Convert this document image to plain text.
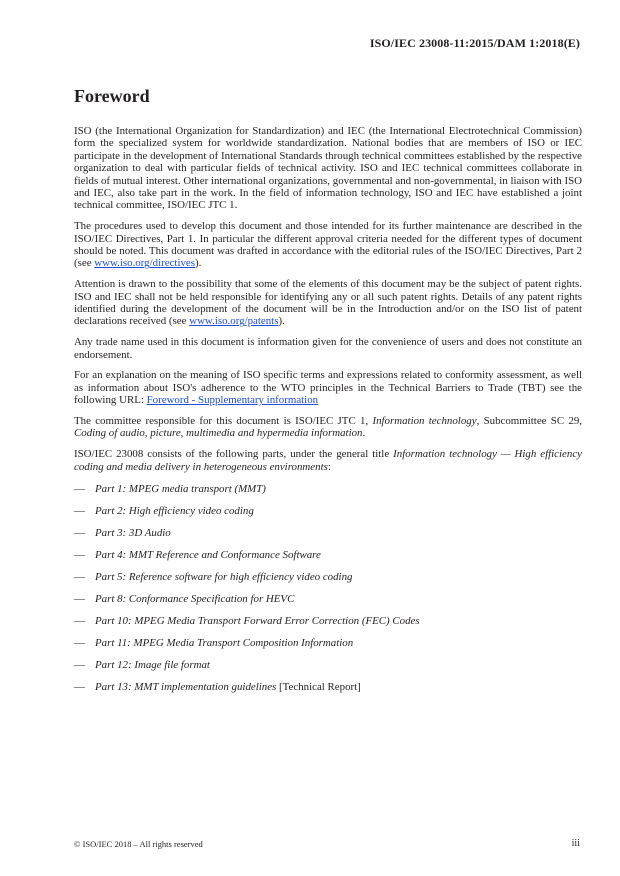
ISO/IEC 23008-11:2015/DAM 1:2018(E)
Foreword

ISO (the International Organization for Standardization) and IEC (the International Electrotechnical Commission) form the specialized system for worldwide standardization. National bodies that are members of ISO or IEC participate in the development of International Standards through technical committees established by the respective organization to deal with particular fields of technical activity. ISO and IEC technical committees collaborate in fields of mutual interest. Other international organizations, governmental and non-governmental, in liaison with ISO and IEC, also take part in the work. In the field of information technology, ISO and IEC have established a joint technical committee, ISO/IEC JTC 1.

The procedures used to develop this document and those intended for its further maintenance are described in the ISO/IEC Directives, Part 1. In particular the different approval criteria needed for the different types of document should be noted. This document was drafted in accordance with the editorial rules of the ISO/IEC Directives, Part 2 (see www.iso.org/directives).

Attention is drawn to the possibility that some of the elements of this document may be the subject of patent rights. ISO and IEC shall not be held responsible for identifying any or all such patent rights. Details of any patent rights identified during the development of the document will be in the Introduction and/or on the ISO list of patent declarations received (see www.iso.org/patents).

Any trade name used in this document is information given for the convenience of users and does not constitute an endorsement.

For an explanation on the meaning of ISO specific terms and expressions related to conformity assessment, as well as information about ISO's adherence to the WTO principles in the Technical Barriers to Trade (TBT) see the following URL: Foreword - Supplementary information

The committee responsible for this document is ISO/IEC JTC 1, Information technology, Subcommittee SC 29, Coding of audio, picture, multimedia and hypermedia information.

ISO/IEC 23008 consists of the following parts, under the general title Information technology — High efficiency coding and media delivery in heterogeneous environments:

— Part 1: MPEG media transport (MMT)
— Part 2: High efficiency video coding
— Part 3: 3D Audio
— Part 4: MMT Reference and Conformance Software
— Part 5: Reference software for high efficiency video coding
— Part 8: Conformance Specification for HEVC
— Part 10: MPEG Media Transport Forward Error Correction (FEC) Codes
— Part 11: MPEG Media Transport Composition Information
— Part 12: Image file format
— Part 13: MMT implementation guidelines [Technical Report]
© ISO/IEC 2018 – All rights reserved	iii
